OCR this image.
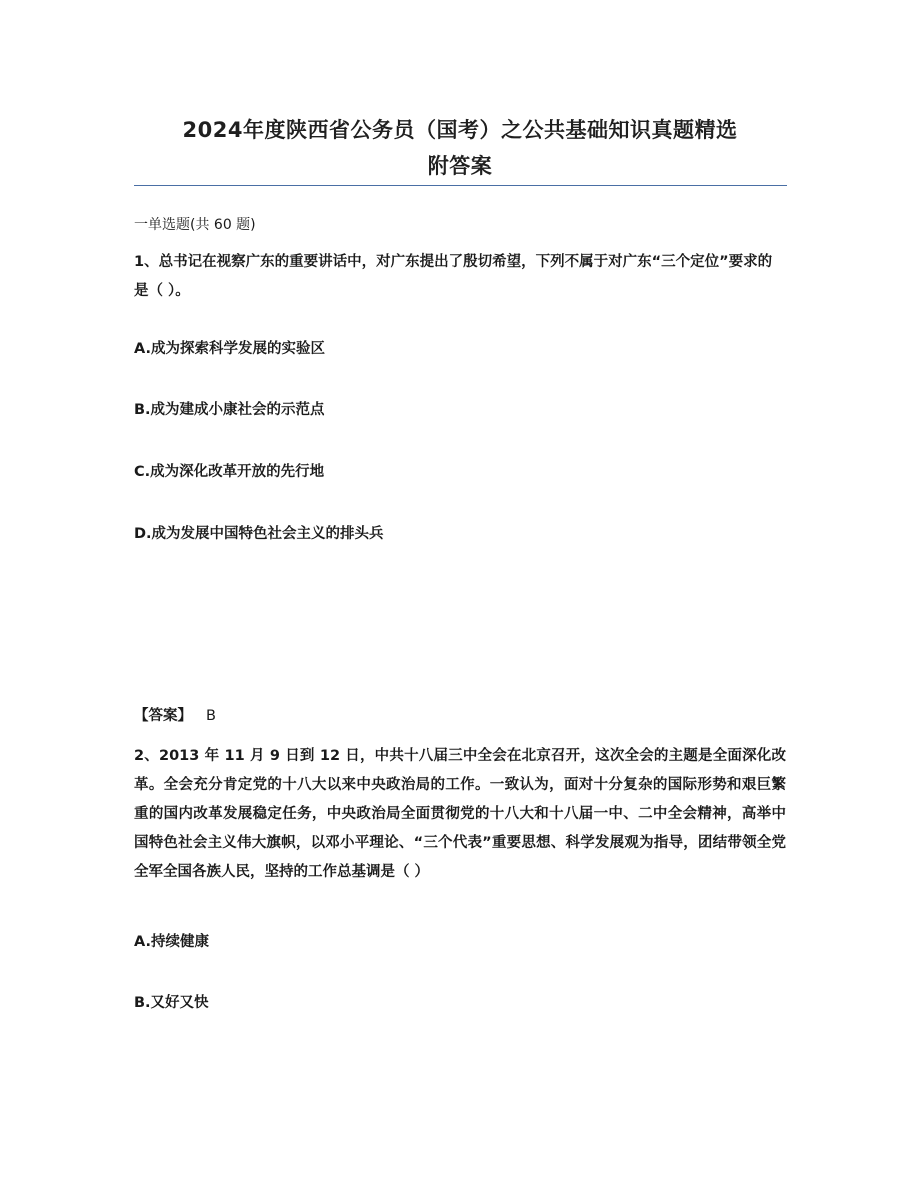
2024年度陕西省公务员（国考）之公共基础知识真题精选
附答案
一单选题(共 60 题)
1、总书记在视察广东的重要讲话中，对广东提出了殷切希望，下列不属于对广东“三个定位”要求的是（ ）。
A.成为探索科学发展的实验区
B.成为建成小康社会的示范点
C.成为深化改革开放的先行地
D.成为发展中国特色社会主义的排头兵
【答案】 B
2、2013 年 11 月 9 日到 12 日，中共十八届三中全会在北京召开，这次全会的主题是全面深化改革。全会充分肯定党的十八大以来中央政治局的工作。一致认为，面对十分复杂的国际形势和艰巨繁重的国内改革发展稳定任务，中央政治局全面贯彻党的十八大和十八届一中、二中全会精神，高举中国特色社会主义伟大旗帜，以邓小平理论、“三个代表”重要思想、科学发展观为指导，团结带领全党全军全国各族人民，坚持的工作总基调是（ ）
A.持续健康
B.又好又快
